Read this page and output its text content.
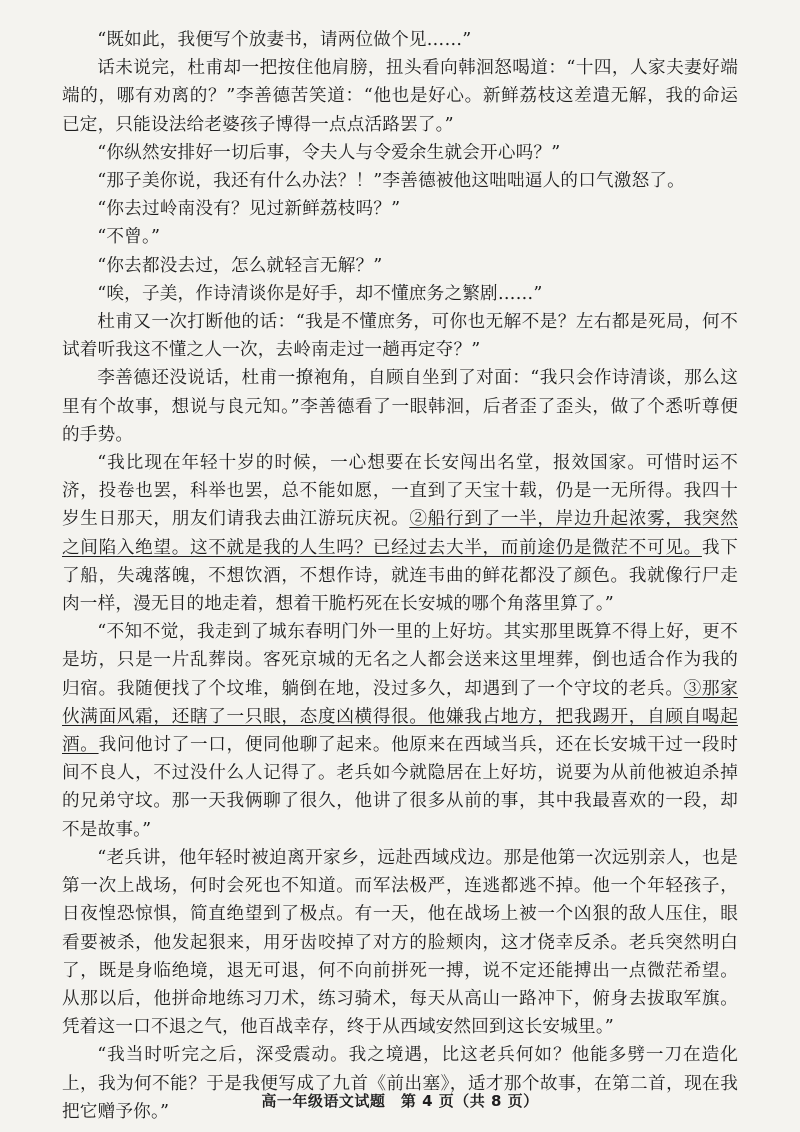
“既如此，我便写个放妻书，请两位做个见……”

话未说完，杜甫却一把按住他肩膀，扭头看向韩洄怒喝道：“十四，人家夫妻好端端的，哪有劝离的？”李善德苦笑道：“他也是好心。新鲜荔枝这差遣无解，我的命运已定，只能设法给老婆孩子博得一点点活路罢了。”

“你纵然安排好一切后事，令夫人与令爱余生就会开心吗？”

“那子美你说，我还有什么办法？！”李善德被他这咄咄逼人的口气激怒了。

“你去过岭南没有？见过新鲜荔枝吗？”

“不曾。”

“你去都没去过，怎么就轻言无解？”

“唉，子美，作诗清谈你是好手，却不懂庶务之繁剧……”

杜甫又一次打断他的话：“我是不懂庶务，可你也无解不是？左右都是死局，何不试着听我这不懂之人一次，去岭南走过一趟再定夺？”

李善德还没说话，杜甫一撩袍角，自顾自坐到了对面：“我只会作诗清谈，那么这里有个故事，想说与良元知。”李善德看了一眼韩洄，后者歪了歪头，做了个悉听尊便的手势。

“我比现在年轻十岁的时候，一心想要在长安闯出名堂，报效国家。可惜时运不济，投卷也罢，科举也罢，总不能如愿，一直到了天宝十载，仍是一无所得。我四十岁生日那天，朋友们请我去曲江游玩庆祝。②船行到了一半，岸边升起浓雾，我突然之间陷入绝望。这不就是我的人生吗？已经过去大半，而前途仍是微茫不可见。我下了船，失魂落魄，不想饮酒，不想作诗，就连韦曲的鲜花都没了颜色。我就像行尸走肉一样，漫无目的地走着，想着干脆朽死在长安城的哪个角落里算了。”

“不知不觉，我走到了城东春明门外一里的上好坊。其实那里既算不得上好，更不是坊，只是一片乱葬岗。客死京城的无名之人都会送来这里埋葬，倒也适合作为我的归宿。我随便找了个坟堆，躺倒在地，没过多久，却遇到了一个守坟的老兵。③那家伙满面风霜，还瞎了一只眼，态度凶横得很。他嫌我占地方，把我踢开，自顾自喝起酒。我问他讨了一口，便同他聊了起来。他原来在西域当兵，还在长安城干过一段时间不良人，不过没什么人记得了。老兵如今就隐居在上好坊，说要为从前他被迫杀掉的兄弟守坟。那一天我俩聊了很久，他讲了很多从前的事，其中我最喜欢的一段，却不是故事。”

“老兵讲，他年轻时被迫离开家乡，远赴西域戍边。那是他第一次远别亲人，也是第一次上战场，何时会死也不知道。而军法极严，连逃都逃不掉。他一个年轻孩子，日夜惶恐惊惧，简直绝望到了极点。有一天，他在战场上被一个凶狠的敌人压住，眼看要被杀，他发起狠来，用牙齿咬掉了对方的脸颊肉，这才侥幸反杀。老兵突然明白了，既是身临绝境，退无可退，何不向前拼死一搏，说不定还能搏出一点微茫希望。从那以后，他拼命地练习刀术，练习骑术，每天从高山一路冲下，俯身去拔取军旗。凭着这一口不退之气，他百战幸存，终于从西域安然回到这长安城里。”

“我当时听完之后，深受震动。我之境遇，比这老兵何如？他能多劈一刀在造化上，我为何不能？于是我便写成了九首《前出塞》，适才那个故事，在第二首，现在我把它赠予你。”

高一年级语文试题　第 4 页（共 8 页）
